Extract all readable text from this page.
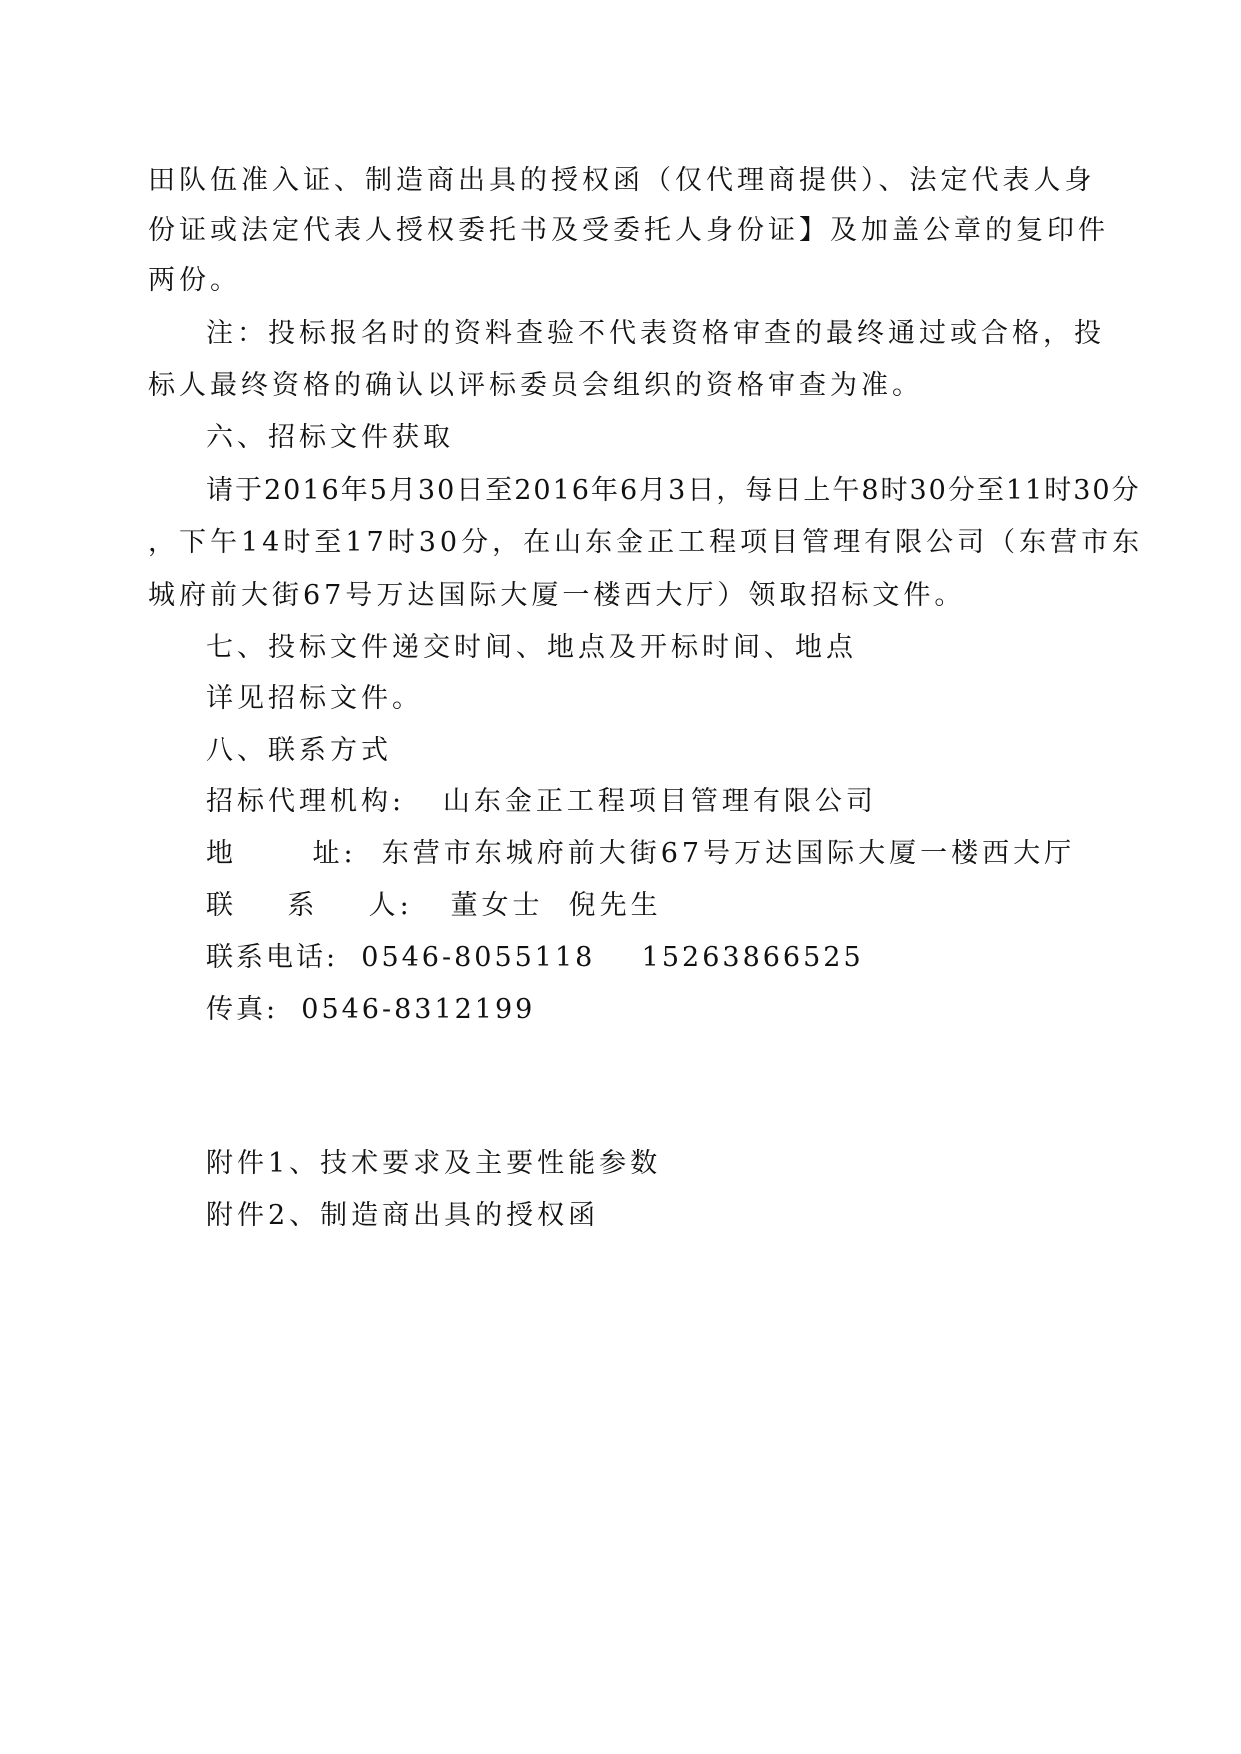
田队伍准入证、制造商出具的授权函（仅代理商提供）、法定代表人身
份证或法定代表人授权委托书及受委托人身份证】及加盖公章的复印件
两份。
注：投标报名时的资料查验不代表资格审查的最终通过或合格，投
标人最终资格的确认以评标委员会组织的资格审查为准。
六、招标文件获取
请于2016年5月30日至2016年6月3日，每日上午8时30分至11时30分
，下午14时至17时30分，在山东金正工程项目管理有限公司（东营市东
城府前大街67号万达国际大厦一楼西大厅）领取招标文件。
七、投标文件递交时间、地点及开标时间、地点
详见招标文件。
八、联系方式
招标代理机构:   山东金正工程项目管理有限公司
地      址:  东营市东城府前大街67号万达国际大厦一楼西大厅
联    系    人:   董女士  倪先生
联系电话:  0546-8055118    15263866525
传真:  0546-8312199
附件1、技术要求及主要性能参数
附件2、制造商出具的授权函
